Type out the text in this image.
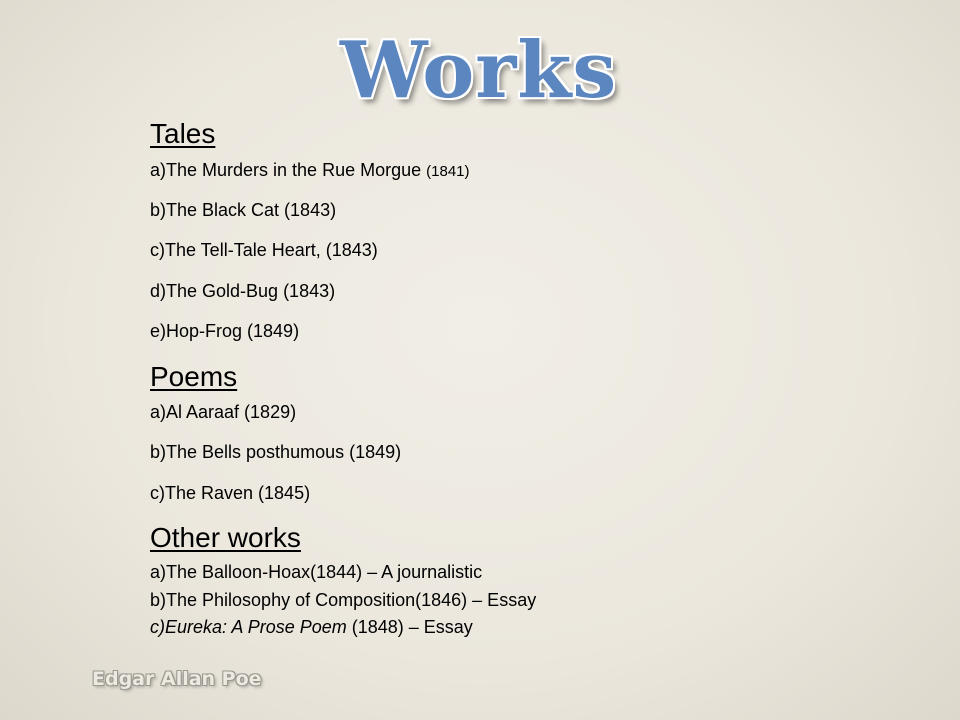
Works
Tales
a)The Murders in the Rue Morgue (1841)
b)The Black Cat (1843)
c)The Tell-Tale Heart, (1843)
d)The Gold-Bug (1843)
e)Hop-Frog (1849)
Poems
a)Al Aaraaf (1829)
b)The Bells posthumous (1849)
c)The Raven (1845)
Other works
a)The Balloon-Hoax(1844) – A journalistic
b)The Philosophy of Composition(1846) – Essay
c)Eureka: A Prose Poem (1848) – Essay
Edgar Allan Poe
